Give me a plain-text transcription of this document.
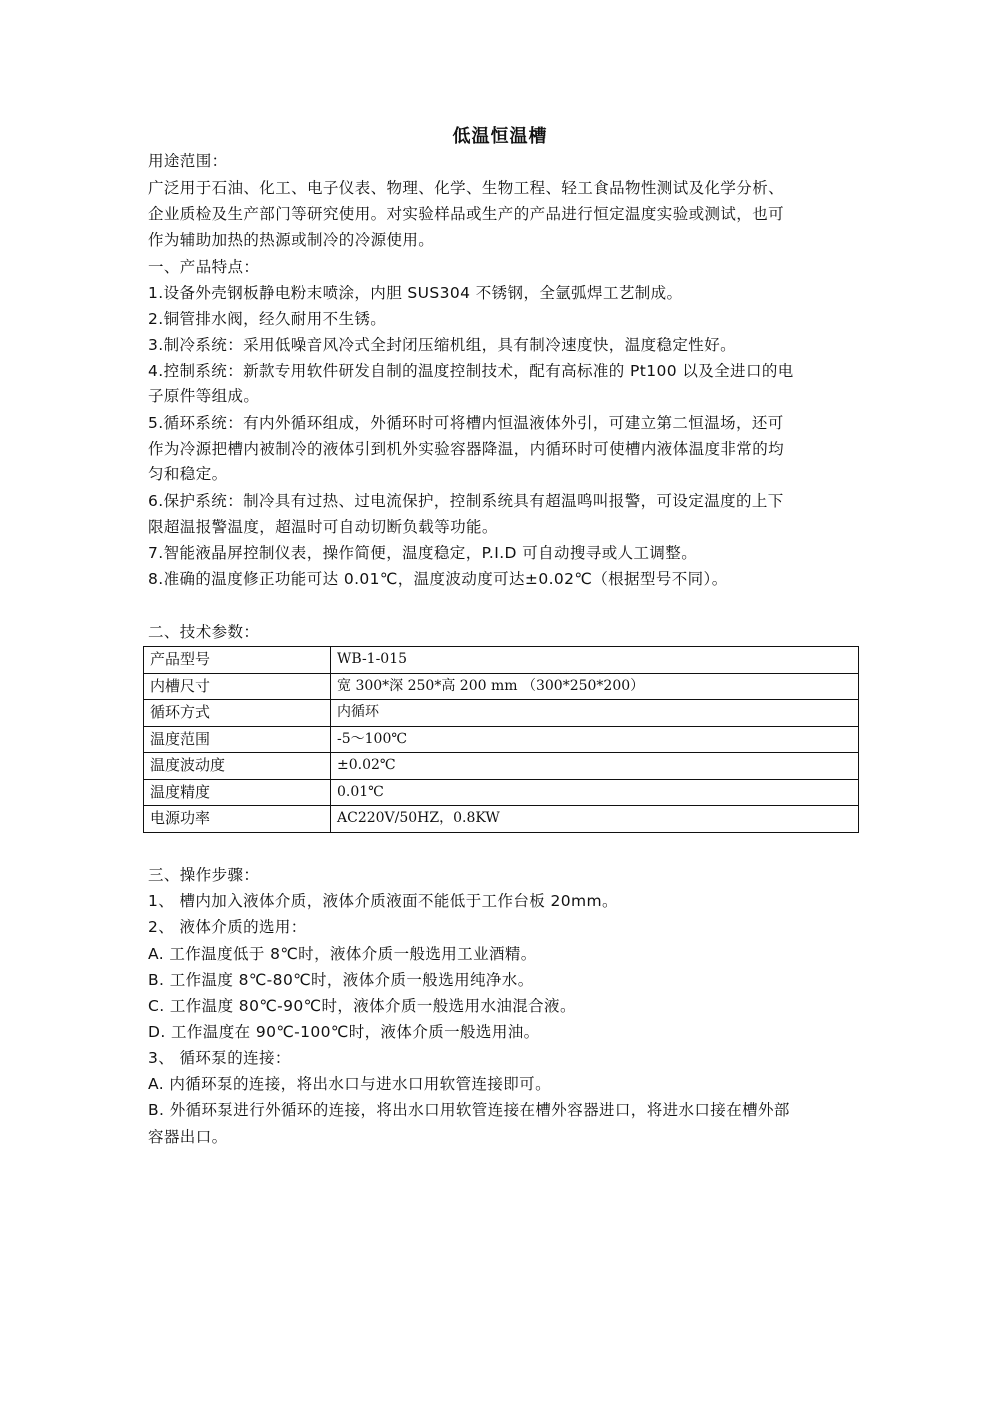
低温恒温槽
用途范围：
广泛用于石油、化工、电子仪表、物理、化学、生物工程、轻工食品物性测试及化学分析、
企业质检及生产部门等研究使用。对实验样品或生产的产品进行恒定温度实验或测试，也可
作为辅助加热的热源或制冷的冷源使用。
一、产品特点：
1.设备外壳钢板静电粉末喷涂，内胆 SUS304 不锈钢，全氩弧焊工艺制成。
2.铜管排水阀，经久耐用不生锈。
3.制冷系统：采用低噪音风冷式全封闭压缩机组，具有制冷速度快，温度稳定性好。
4.控制系统：新款专用软件研发自制的温度控制技术，配有高标准的 Pt100 以及全进口的电
子原件等组成。
5.循环系统：有内外循环组成，外循环时可将槽内恒温液体外引，可建立第二恒温场，还可
作为冷源把槽内被制冷的液体引到机外实验容器降温，内循环时可使槽内液体温度非常的均
匀和稳定。
6.保护系统：制冷具有过热、过电流保护，控制系统具有超温鸣叫报警，可设定温度的上下
限超温报警温度，超温时可自动切断负载等功能。
7.智能液晶屏控制仪表，操作简便，温度稳定，P.I.D 可自动搜寻或人工调整。
8.准确的温度修正功能可达 0.01℃，温度波动度可达±0.02℃（根据型号不同）。
二、技术参数：
产品型号	WB-1-015
内槽尺寸	宽 300*深 250*高 200 mm （300*250*200）
循环方式	内循环
温度范围	-5～100℃
温度波动度	±0.02℃
温度精度	0.01℃
电源功率	AC220V/50HZ，0.8KW
三、操作步骤：
1、 槽内加入液体介质，液体介质液面不能低于工作台板 20mm。
2、 液体介质的选用：
A. 工作温度低于 8℃时，液体介质一般选用工业酒精。
B. 工作温度 8℃-80℃时，液体介质一般选用纯净水。
C. 工作温度 80℃-90℃时，液体介质一般选用水油混合液。
D. 工作温度在 90℃-100℃时，液体介质一般选用油。
3、 循环泵的连接：
A. 内循环泵的连接，将出水口与进水口用软管连接即可。
B. 外循环泵进行外循环的连接，将出水口用软管连接在槽外容器进口，将进水口接在槽外部
容器出口。
